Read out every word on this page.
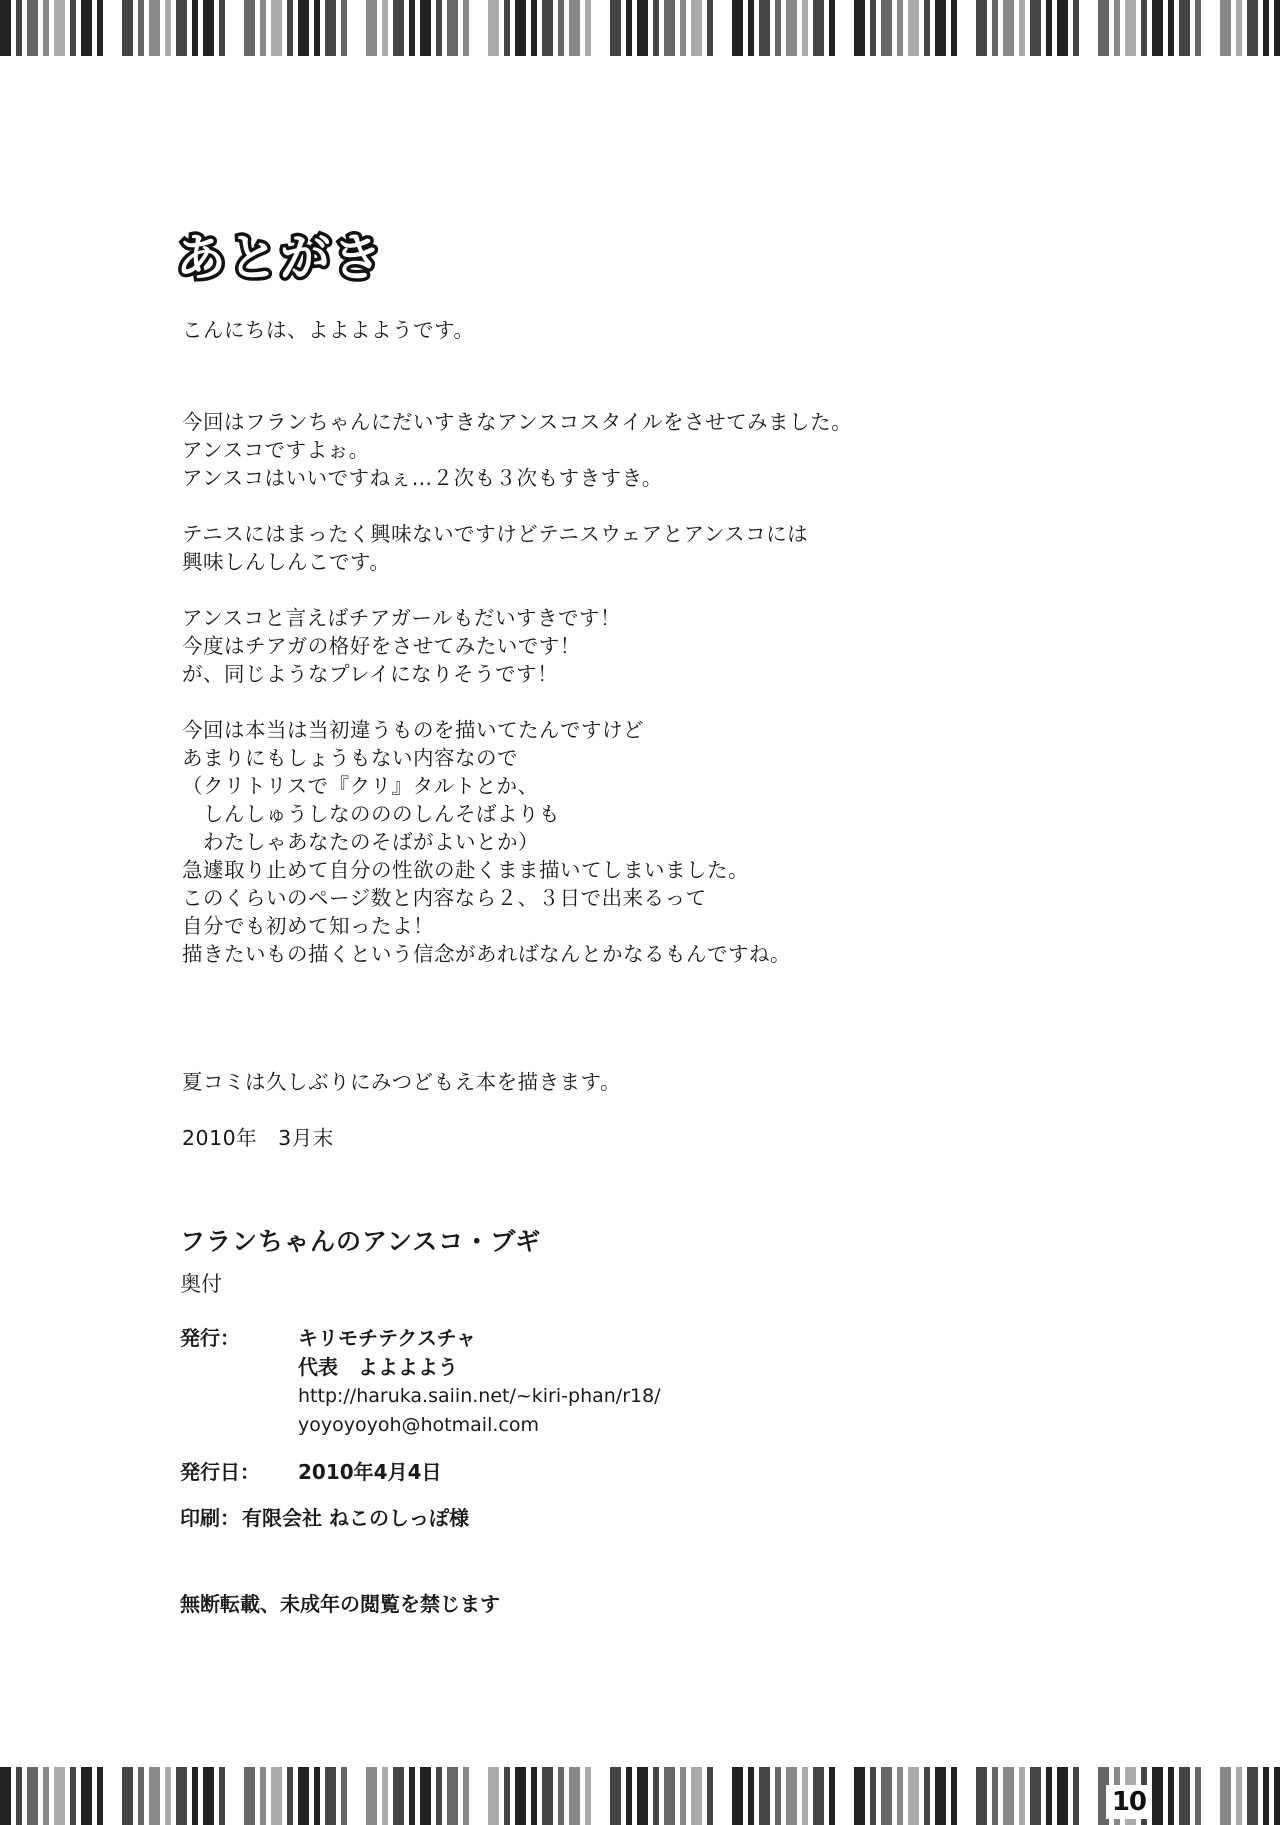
あとがき
こんにちは、よよよようです。
今回はフランちゃんにだいすきなアンスコスタイルをさせてみました。
アンスコですよぉ。
アンスコはいいですねぇ…２次も３次もすきすき。
テニスにはまったく興味ないですけどテニスウェアとアンスコには
興味しんしんこです。
アンスコと言えばチアガールもだいすきです！
今度はチアガの格好をさせてみたいです！
が、同じようなプレイになりそうです！
今回は本当は当初違うものを描いてたんですけど
あまりにもしょうもない内容なので
（クリトリスで『クリ』タルトとか、
　しんしゅうしなのののしんそばよりも
　わたしゃあなたのそばがよいとか）
急遽取り止めて自分の性欲の赴くまま描いてしまいました。
このくらいのページ数と内容なら２、３日で出来るって
自分でも初めて知ったよ！
描きたいもの描くという信念があればなんとかなるもんですね。
夏コミは久しぶりにみつどもえ本を描きます。
2010年　3月末
フランちゃんのアンスコ・ブギ
奥付
発行：	キリモチテクスチャ
代表　よよよよう
http://haruka.saiin.net/~kiri-phan/r18/
yoyoyoyoh@hotmail.com
発行日：	2010年4月4日
印刷： 有限会社 ねこのしっぽ様
無断転載、未成年の閲覧を禁じます
10
